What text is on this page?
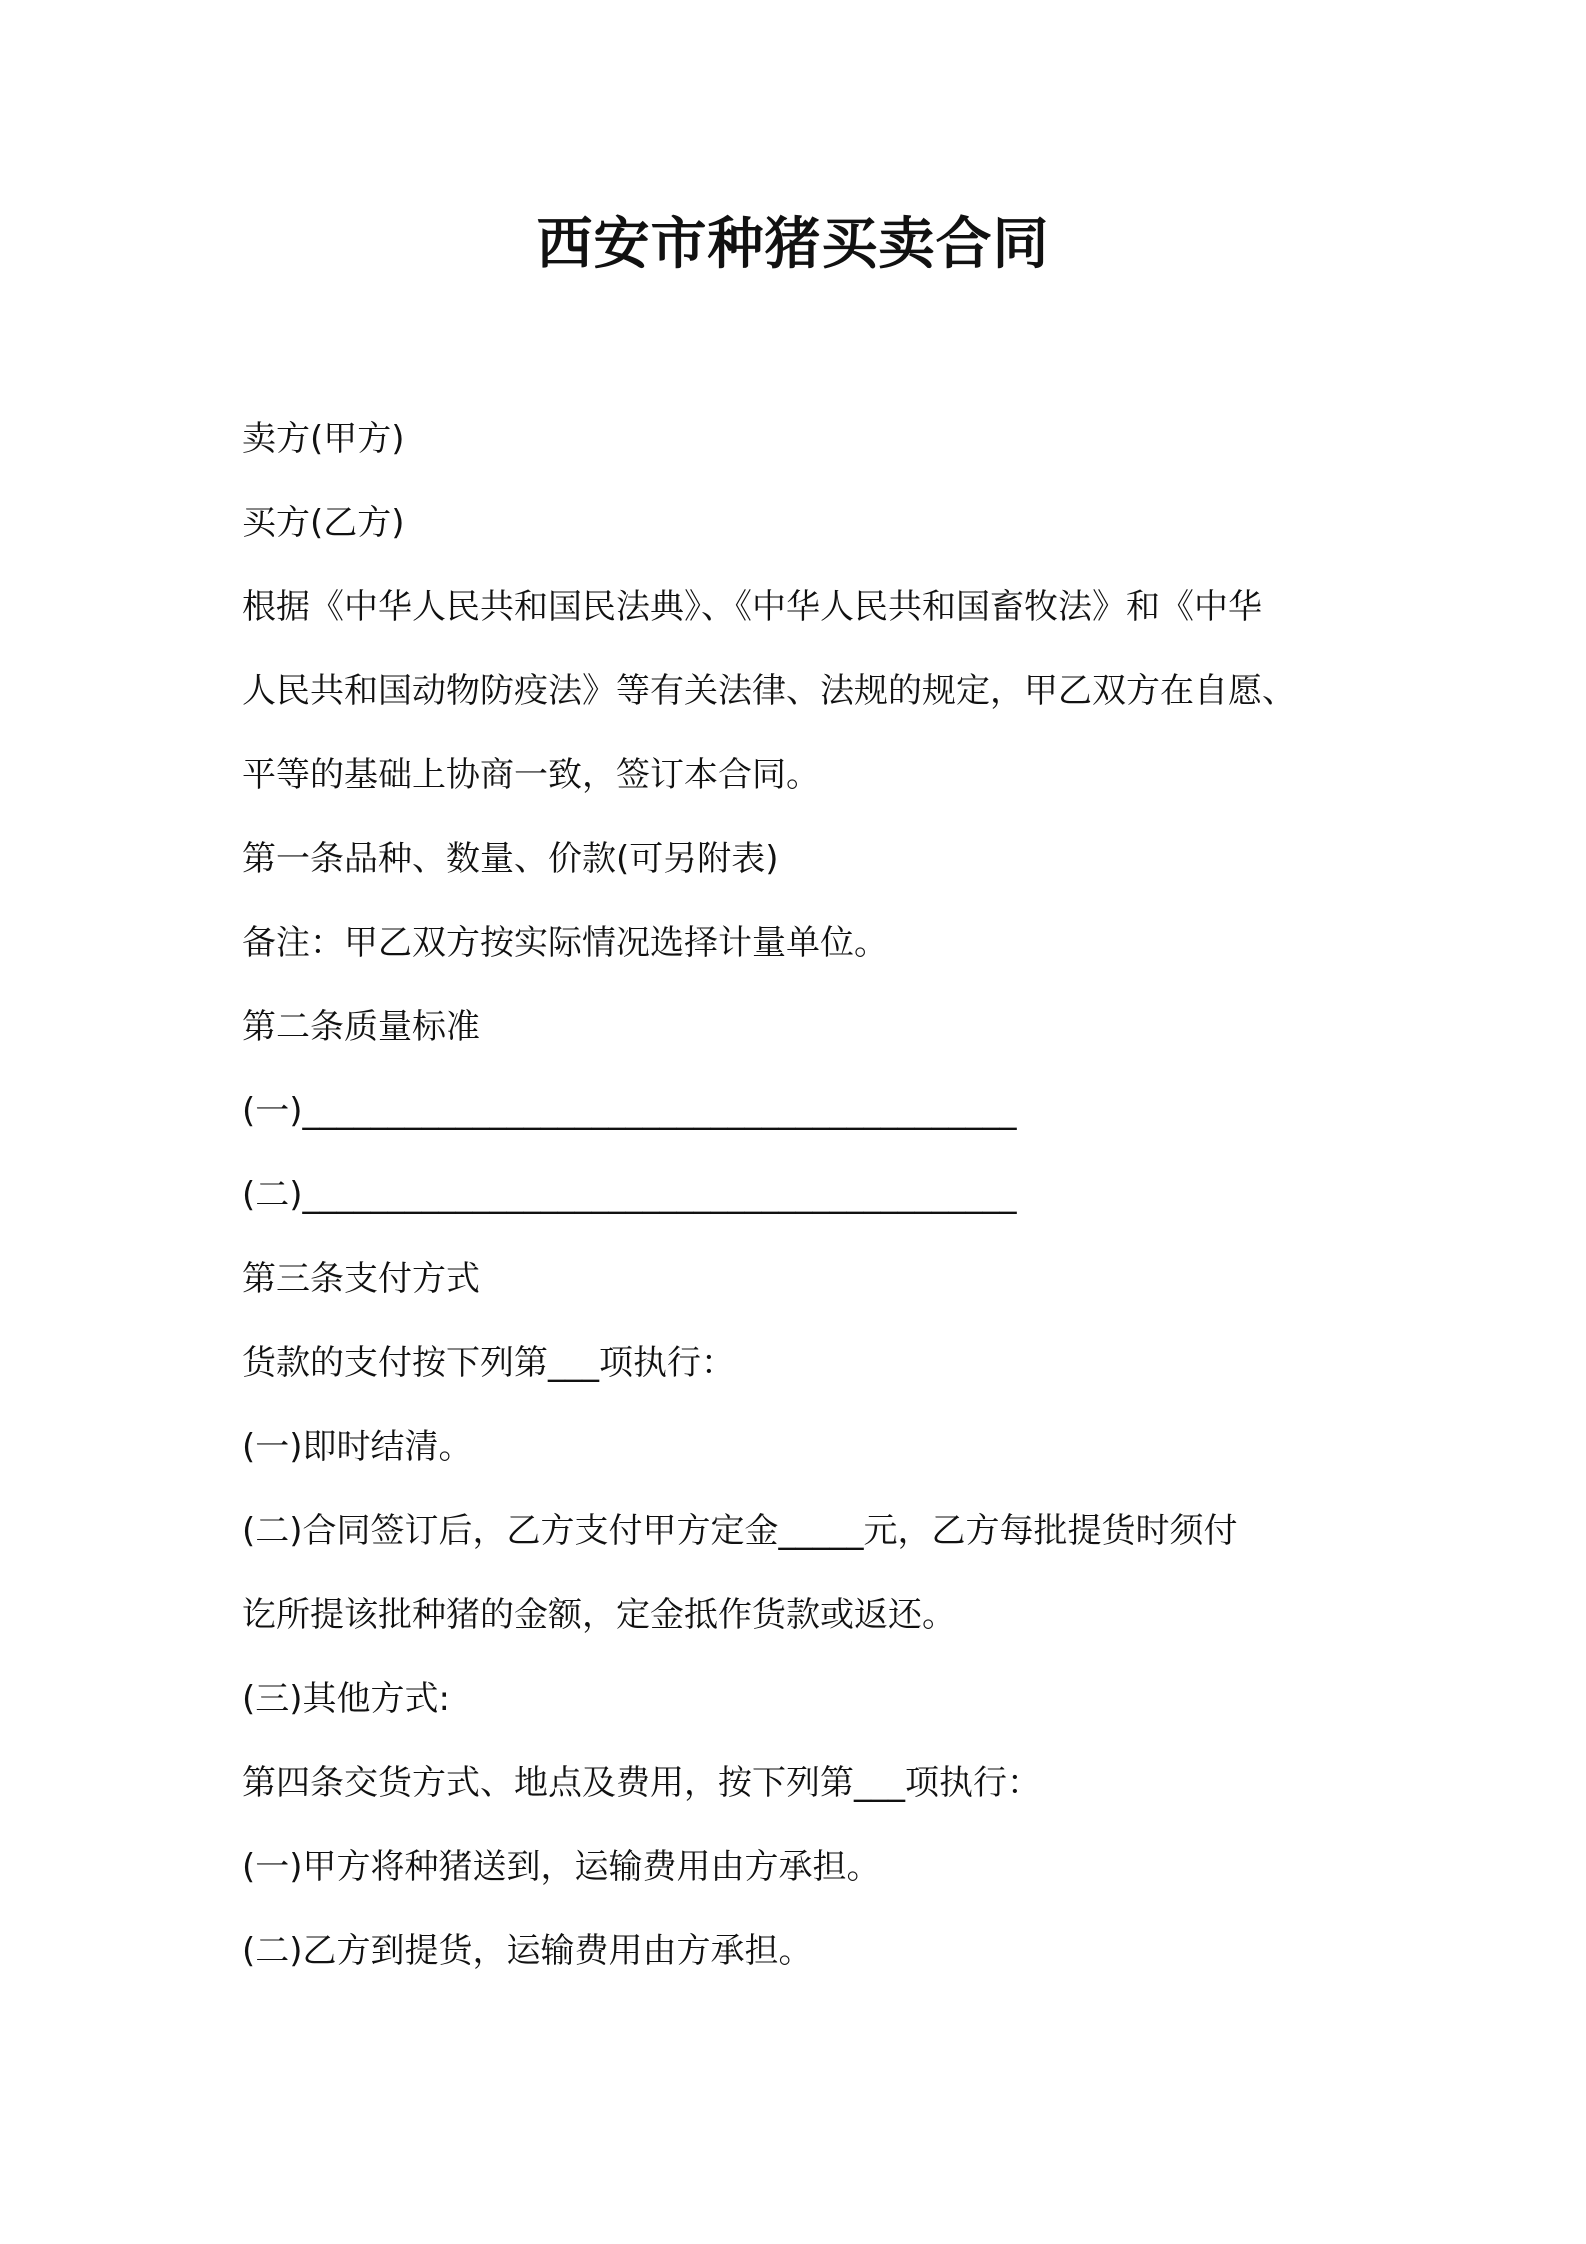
西安市种猪买卖合同

卖方(甲方)

买方(乙方)

根据《中华人民共和国民法典》、《中华人民共和国畜牧法》和《中华

人民共和国动物防疫法》等有关法律、法规的规定，甲乙双方在自愿、

平等的基础上协商一致，签订本合同。

第一条品种、数量、价款(可另附表)

备注：甲乙双方按实际情况选择计量单位。

第二条质量标准

(一)__________________________________________

(二)__________________________________________

第三条支付方式

货款的支付按下列第___项执行：

(一)即时结清。

(二)合同签订后，乙方支付甲方定金_____元，乙方每批提货时须付

讫所提该批种猪的金额，定金抵作货款或返还。

(三)其他方式:

第四条交货方式、地点及费用，按下列第___项执行：

(一)甲方将种猪送到，运输费用由方承担。

(二)乙方到提货，运输费用由方承担。
